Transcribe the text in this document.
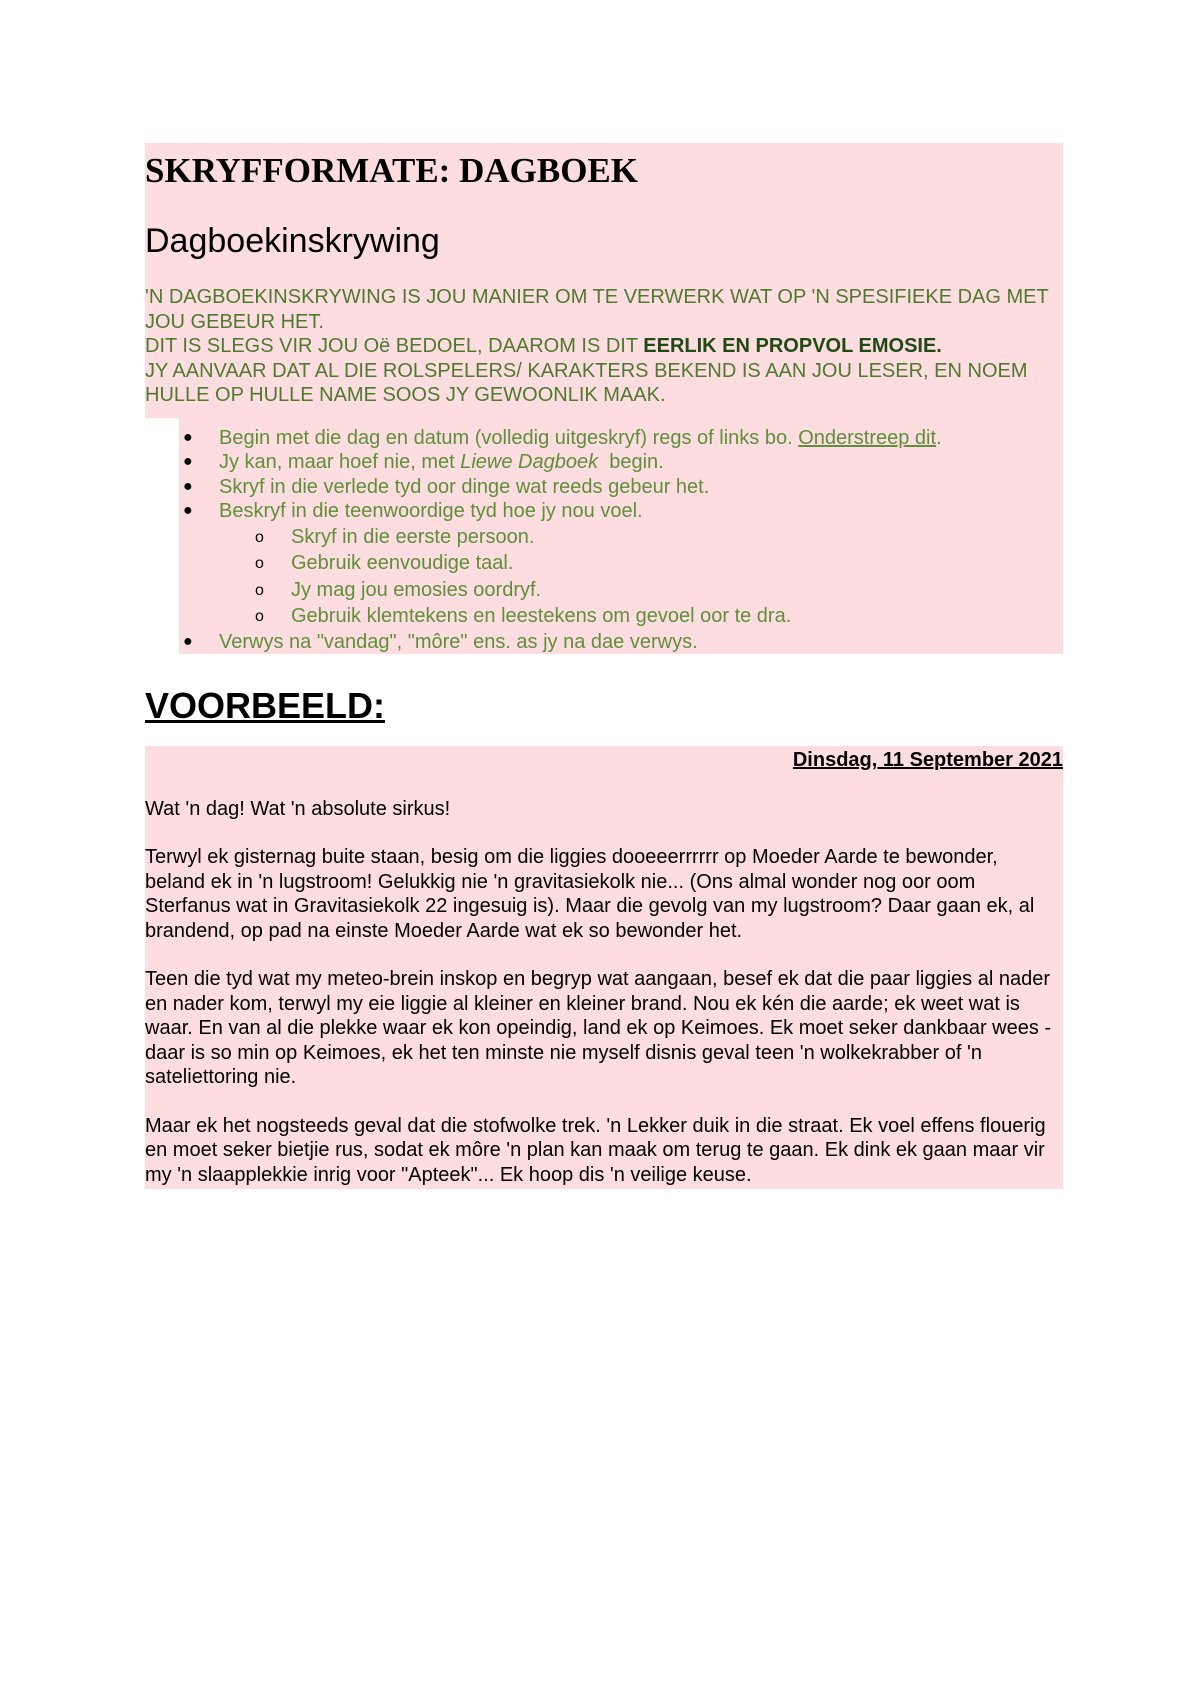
SKRYFFORMATE: DAGBOEK
Dagboekinskrywing
'N DAGBOEKINSKRYWING IS JOU MANIER OM TE VERWERK WAT OP 'N SPESIFIEKE DAG MET JOU GEBEUR HET.
DIT IS SLEGS VIR JOU Oë BEDOEL, DAAROM IS DIT EERLIK EN PROPVOL EMOSIE.
JY AANVAAR DAT AL DIE ROLSPELERS/ KARAKTERS BEKEND IS AAN JOU LESER, EN NOEM HULLE OP HULLE NAME SOOS JY GEWOONLIK MAAK.
● Begin met die dag en datum (volledig uitgeskryf) regs of links bo. Onderstreep dit.
● Jy kan, maar hoef nie, met Liewe Dagboek  begin.
● Skryf in die verlede tyd oor dinge wat reeds gebeur het.
● Beskryf in die teenwoordige tyd hoe jy nou voel.
o Skryf in die eerste persoon.
o Gebruik eenvoudige taal.
o Jy mag jou emosies oordryf.
o Gebruik klemtekens en leestekens om gevoel oor te dra.
● Verwys na "vandag", "môre" ens. as jy na dae verwys.
VOORBEELD:
Dinsdag, 11 September 2021

Wat 'n dag! Wat 'n absolute sirkus!

Terwyl ek gisternag buite staan, besig om die liggies dooeeerrrrrr op Moeder Aarde te bewonder, beland ek in 'n lugstroom! Gelukkig nie 'n gravitasiekolk nie... (Ons almal wonder nog oor oom Sterfanus wat in Gravitasiekolk 22 ingesuig is). Maar die gevolg van my lugstroom? Daar gaan ek, al brandend, op pad na einste Moeder Aarde wat ek so bewonder het.

Teen die tyd wat my meteo-brein inskop en begryp wat aangaan, besef ek dat die paar liggies al nader en nader kom, terwyl my eie liggie al kleiner en kleiner brand. Nou ek kén die aarde; ek weet wat is waar. En van al die plekke waar ek kon opeindig, land ek op Keimoes. Ek moet seker dankbaar wees - daar is so min op Keimoes, ek het ten minste nie myself disnis geval teen 'n wolkekrabber of 'n sateliettoring nie.

Maar ek het nogsteeds geval dat die stofwolke trek. 'n Lekker duik in die straat. Ek voel effens flouerig en moet seker bietjie rus, sodat ek môre 'n plan kan maak om terug te gaan. Ek dink ek gaan maar vir my 'n slaapplekkie inrig voor "Apteek"... Ek hoop dis 'n veilige keuse.
